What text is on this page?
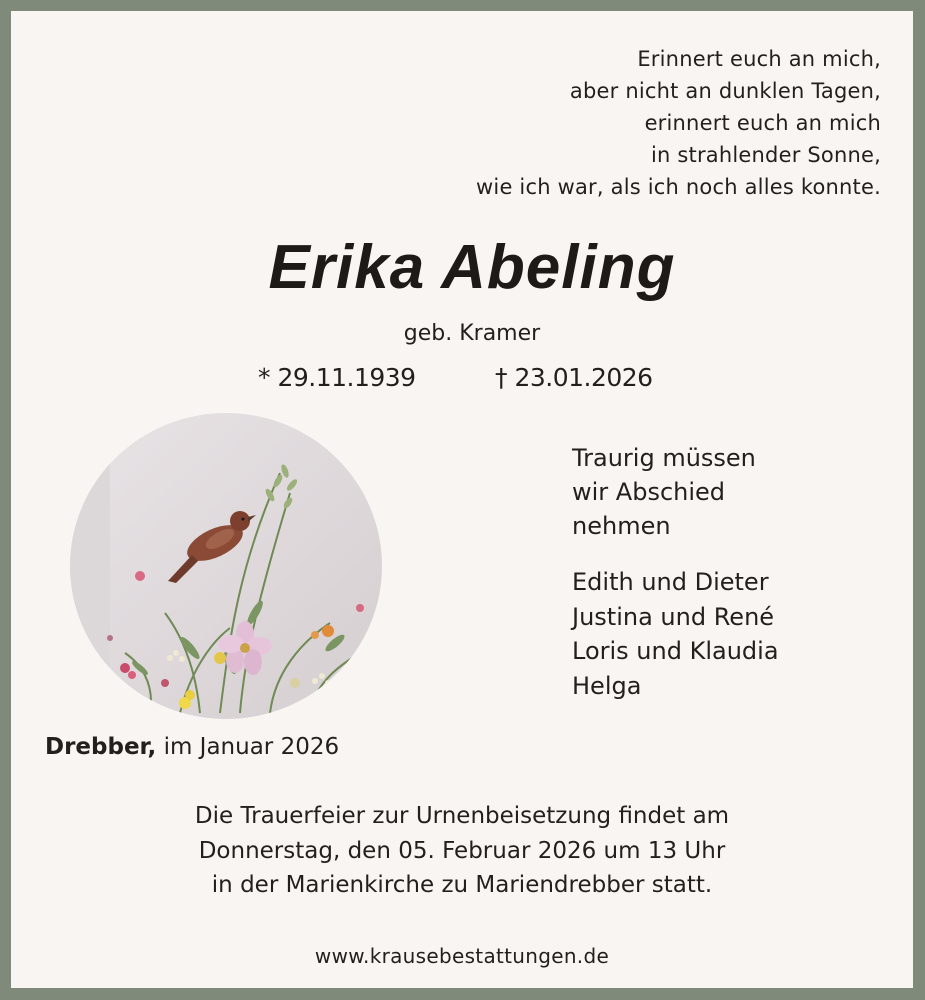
Erinnert euch an mich,
aber nicht an dunklen Tagen,
erinnert euch an mich
in strahlender Sonne,
wie ich war, als ich noch alles konnte.
Erika Abeling
geb. Kramer
* 29.11.1939	† 23.01.2026
Traurig müssen
wir Abschied
nehmen
Edith und Dieter
Justina und René
Loris und Klaudia
Helga
Drebber, im Januar 2026
Die Trauerfeier zur Urnenbeisetzung findet am
Donnerstag, den 05. Februar 2026 um 13 Uhr
in der Marienkirche zu Mariendrebber statt.
www.krausebestattungen.de
